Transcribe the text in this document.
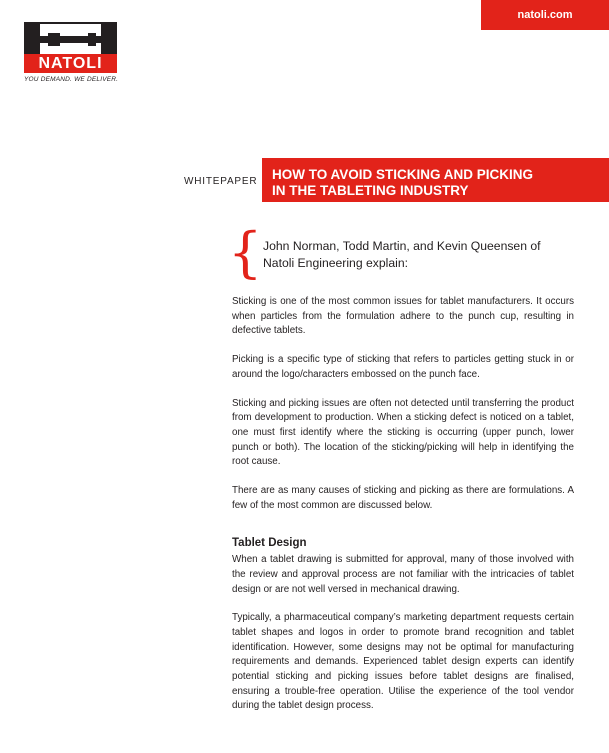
NATOLI
YOU DEMAND. WE DELIVER.
natoli.com
WHITEPAPER HOW TO AVOID STICKING AND PICKING
IN THE TABLETING INDUSTRY
{ John Norman, Todd Martin, and Kevin Queensen of Natoli Engineering explain:

Sticking is one of the most common issues for tablet manufacturers. It occurs when particles from the formulation adhere to the punch cup, resulting in defective tablets.

Picking is a specific type of sticking that refers to particles getting stuck in or around the logo/characters embossed on the punch face.

Sticking and picking issues are often not detected until transferring the product from development to production. When a sticking defect is noticed on a tablet, one must first identify where the sticking is occurring (upper punch, lower punch or both). The location of the sticking/picking will help in identifying the root cause.

There are as many causes of sticking and picking as there are formulations. A few of the most common are discussed below.

Tablet Design

When a tablet drawing is submitted for approval, many of those involved with the review and approval process are not familiar with the intricacies of tablet design or are not well versed in mechanical drawing.

Typically, a pharmaceutical company’s marketing department requests certain tablet shapes and logos in order to promote brand recognition and tablet identification. However, some designs may not be optimal for manufacturing requirements and demands. Experienced tablet design experts can identify potential sticking and picking issues before tablet designs are finalised, ensuring a trouble-free operation. Utilise the experience of the tool vendor during the tablet design process.
